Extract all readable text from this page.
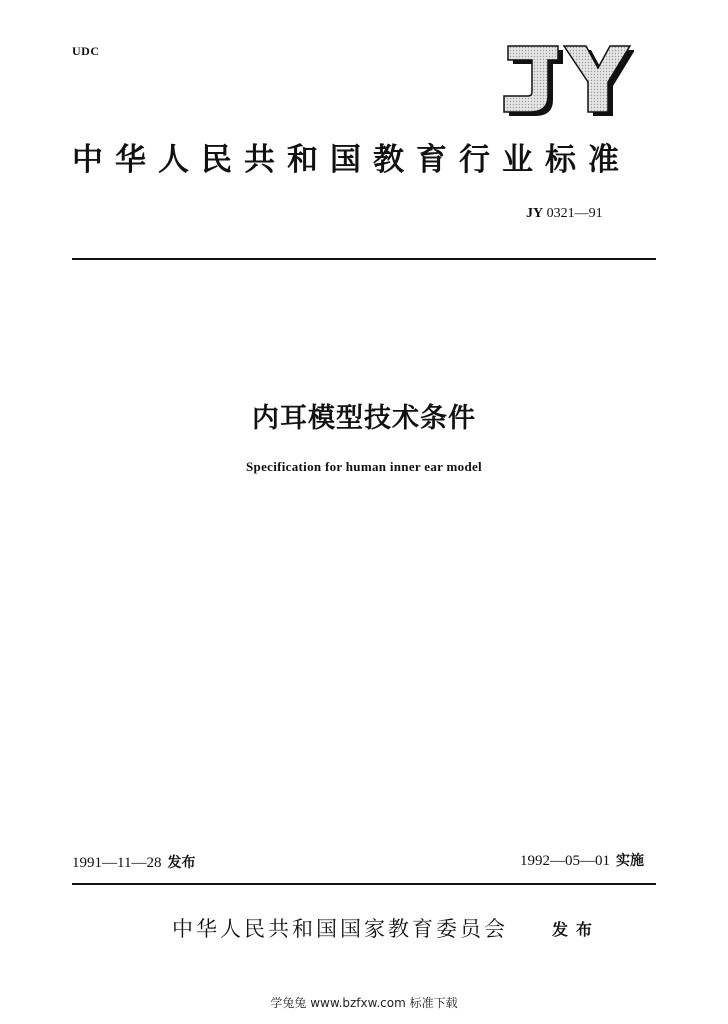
UDC
中华人民共和国教育行业标准
JY 0321—91
内耳模型技术条件
Specification for human inner ear model
1991—11—28 发布	1992—05—01 实施
中华人民共和国国家教育委员会	发布
学兔兔 www.bzfxw.com 标准下载
